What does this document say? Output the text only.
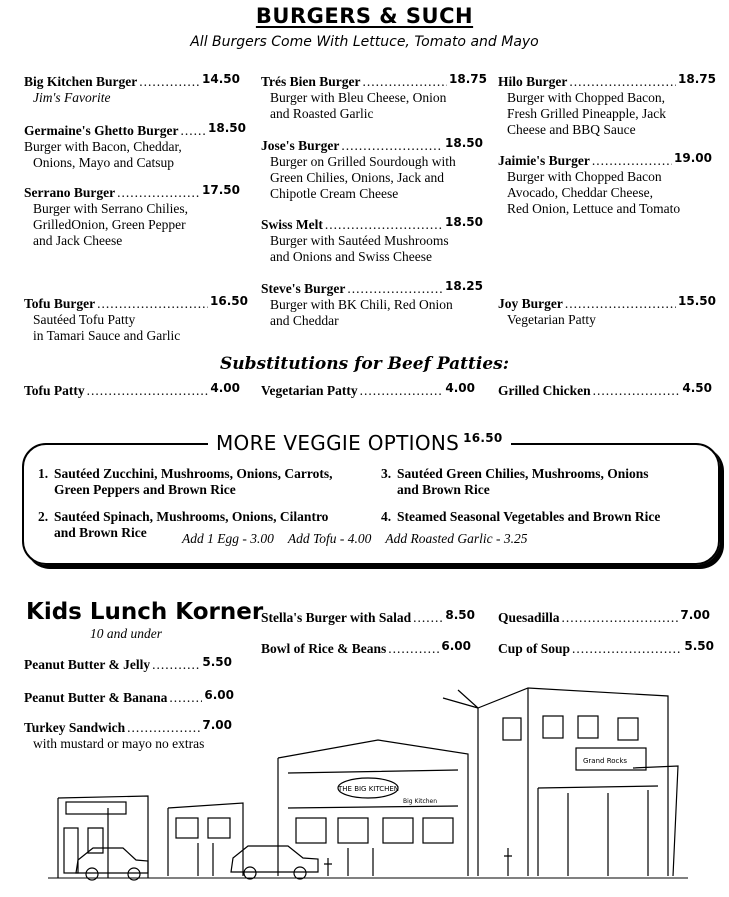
BURGERS & SUCH
All Burgers Come With Lettuce, Tomato and Mayo
Big Kitchen Burger .....	14.50
Jim's Favorite
Germaine's Ghetto Burger ..... 18.50
Burger with Bacon, Cheddar,
Onions, Mayo and Catsup
Serrano Burger .....	17.50
Burger with Serrano Chilies,
GrilledOnion, Green Pepper
and Jack Cheese
Tofu Burger .....	16.50
Sautéed Tofu Patty
in Tamari Sauce and Garlic
Trés Bien Burger .....	18.75
Burger with Bleu Cheese, Onion
and Roasted Garlic
Jose's Burger .....	18.50
Burger on Grilled Sourdough with
Green Chilies, Onions, Jack and
Chipotle Cream Cheese
Swiss Melt .....	18.50
Burger with Sautéed Mushrooms
and Onions and Swiss Cheese
Steve's Burger .....	18.25
Burger with BK Chili, Red Onion
and Cheddar
Hilo Burger .....	18.75
Burger with Chopped Bacon,
Fresh Grilled Pineapple, Jack
Cheese and BBQ Sauce
Jaimie's Burger .....	19.00
Burger with Chopped Bacon
Avocado, Cheddar Cheese,
Red Onion, Lettuce and Tomato
Joy Burger .....	15.50
Vegetarian Patty
Substitutions for Beef Patties:
Tofu Patty .....	4.00 Vegetarian Patty .....	4.00 Grilled Chicken .....	4.50
MORE VEGGIE OPTIONS $^{16.50}$
1. Sautéed Zucchini, Mushrooms, Onions, Carrots,
Green Peppers and Brown Rice
2. Sautéed Spinach, Mushrooms, Onions, Cilantro
and Brown Rice
3. Sautéed Green Chilies, Mushrooms, Onions
and Brown Rice
4. Steamed Seasonal Vegetables and Brown Rice
Add 1 Egg - 3.00 Add Tofu - 4.00 Add Roasted Garlic - 3.25
Kids Lunch Korner
10 and under
Peanut Butter & Jelly .....	5.50
Peanut Butter & Banana .....	6.00
Turkey Sandwich .....	7.00
with mustard or mayo no extras
Stella's Burger with Salad .....	8.50
Bowl of Rice & Beans .....	6.00
Quesadilla .....	7.00
Cup of Soup .....	5.50
THE BIG KITCHEN
Big Kitchen
Grand Rocks
